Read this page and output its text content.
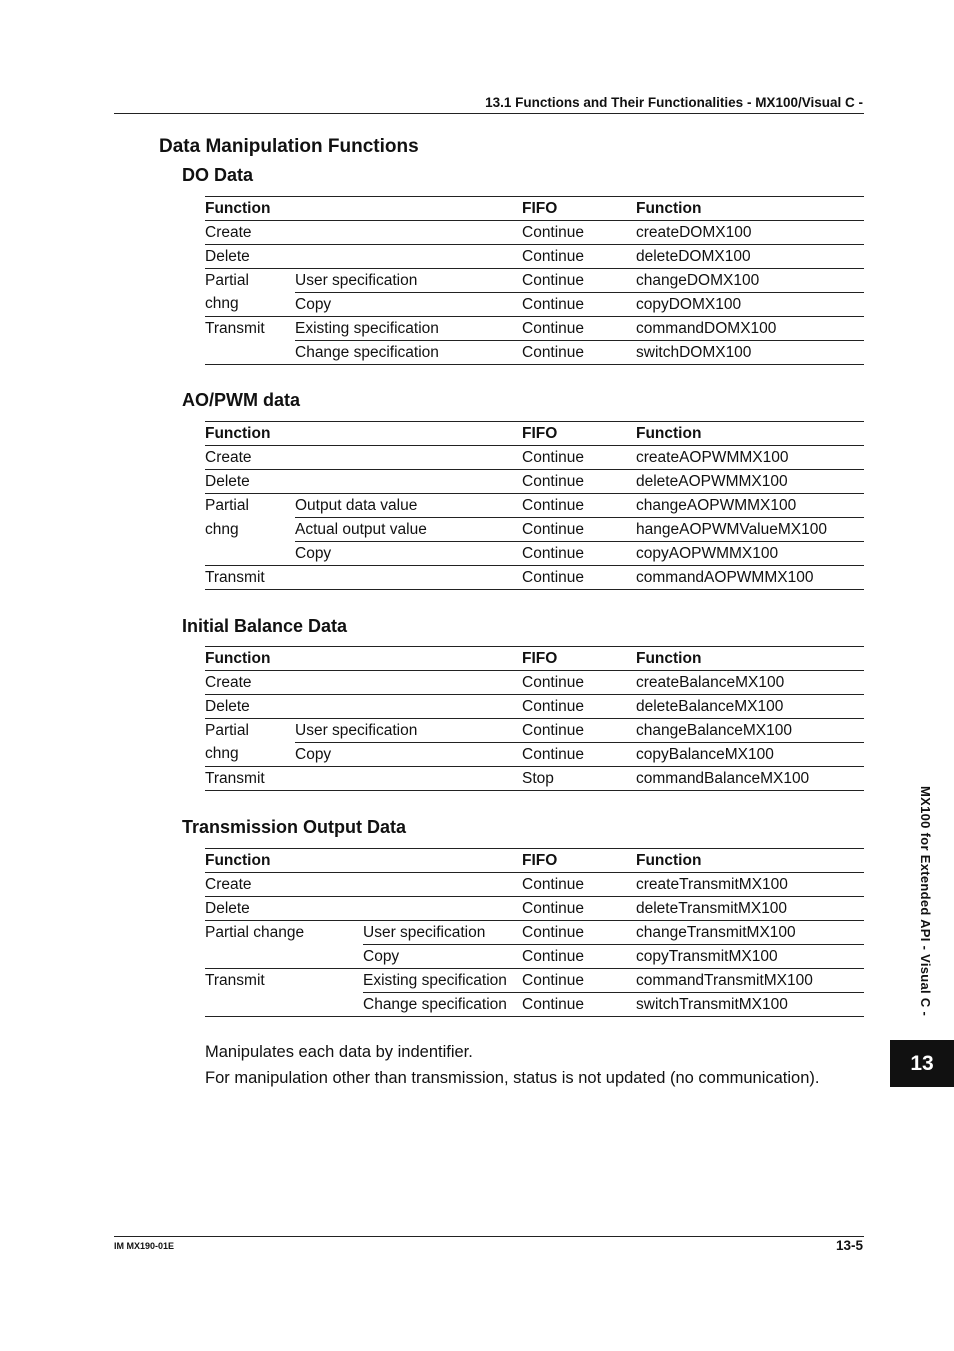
13.1 Functions and Their Functionalities - MX100/Visual C -
Data Manipulation Functions
DO Data
Function		FIFO	Function
Create		Continue	createDOMX100
Delete		Continue	deleteDOMX100
Partial	User specification	Continue	changeDOMX100
chng	Copy	Continue	copyDOMX100
Transmit	Existing specification	Continue	commandDOMX100
	Change specification	Continue	switchDOMX100
AO/PWM data
Function		FIFO	Function
Create		Continue	createAOPWMMX100
Delete		Continue	deleteAOPWMMX100
Partial	Output data value	Continue	changeAOPWMMX100
chng	Actual output value	Continue	hangeAOPWMValueMX100
	Copy	Continue	copyAOPWMMX100
Transmit		Continue	commandAOPWMMX100
Initial Balance Data
Function		FIFO	Function
Create		Continue	createBalanceMX100
Delete		Continue	deleteBalanceMX100
Partial	User specification	Continue	changeBalanceMX100
chng	Copy	Continue	copyBalanceMX100
Transmit		Stop	commandBalanceMX100
Transmission Output Data
Function		FIFO	Function
Create		Continue	createTransmitMX100
Delete		Continue	deleteTransmitMX100
Partial change	User specification	Continue	changeTransmitMX100
	Copy	Continue	copyTransmitMX100
Transmit	Existing specification	Continue	commandTransmitMX100
	Change specification	Continue	switchTransmitMX100
Manipulates each data by indentifier.
For manipulation other than transmission, status is not updated (no communication).
MX100 for Extended API - Visual C -
13
IM MX190-01E	13-5
